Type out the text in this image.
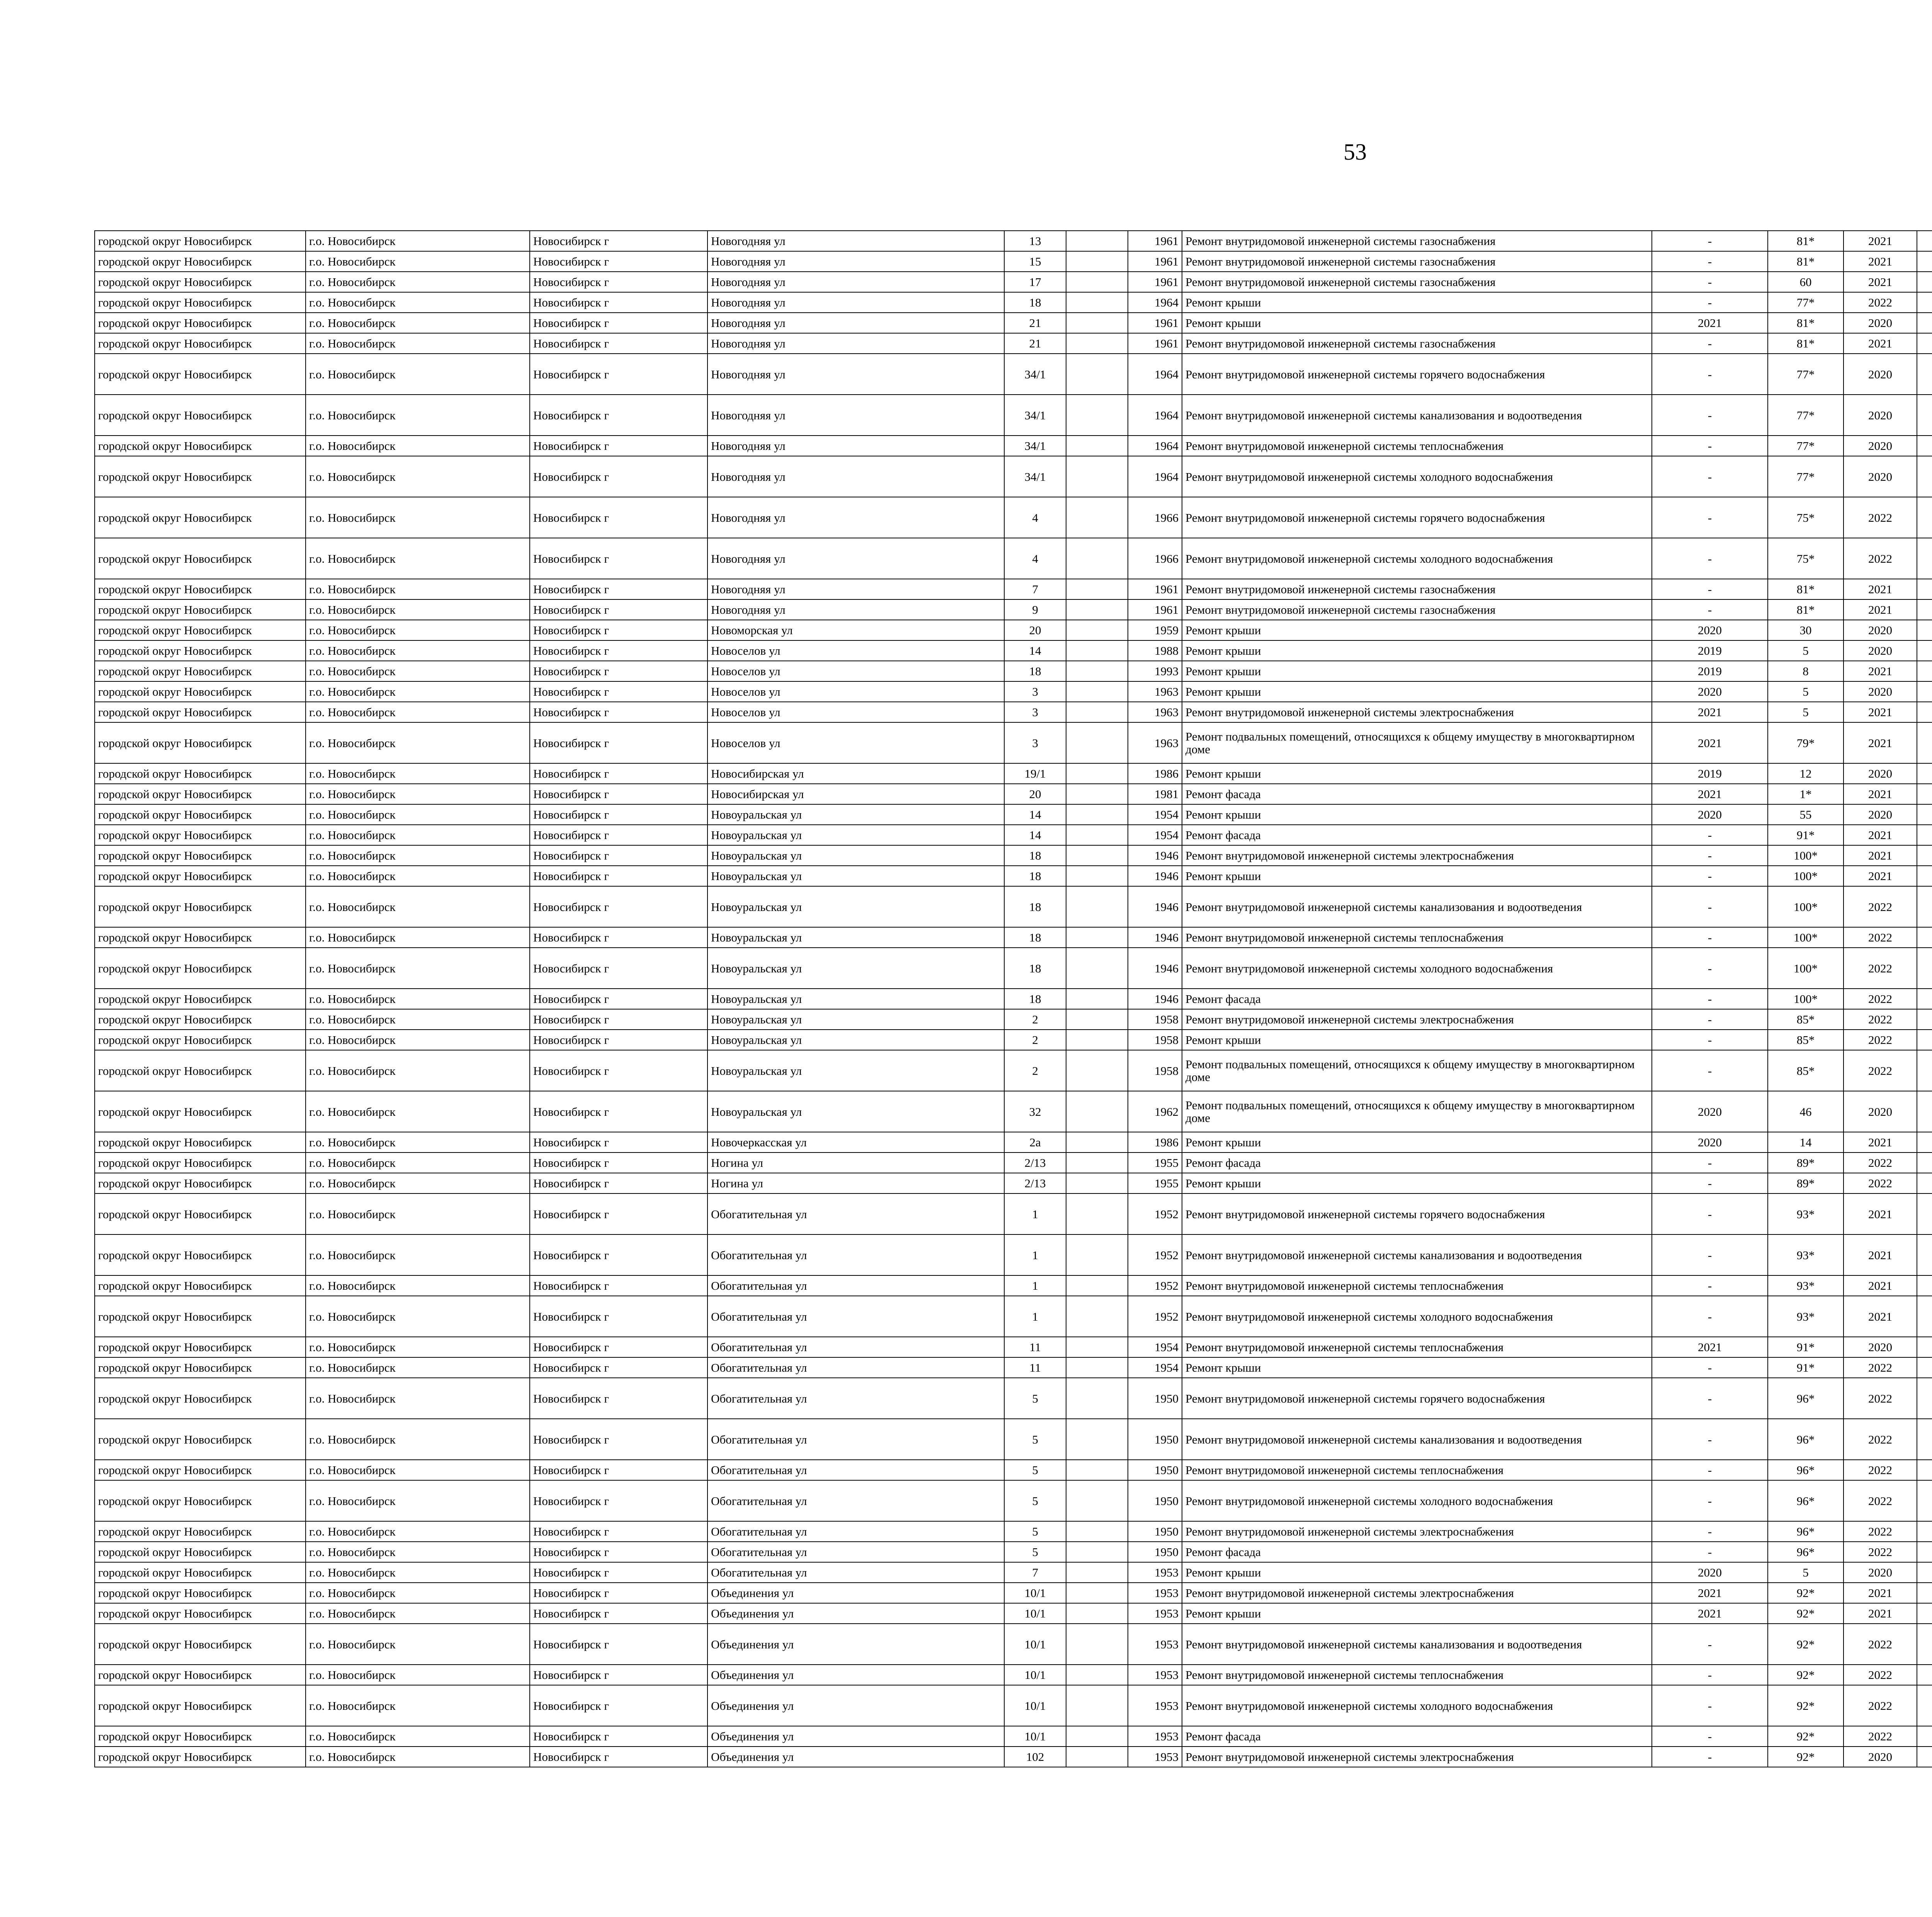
53
городской округ Новосибирск	г.о. Новосибирск	Новосибирск г	Новогодняя ул	13		1961	Ремонт внутридомовой инженерной системы газоснабжения	-	81*	2021						
городской округ Новосибирск	г.о. Новосибирск	Новосибирск г	Новогодняя ул	15		1961	Ремонт внутридомовой инженерной системы газоснабжения	-	81*	2021						
городской округ Новосибирск	г.о. Новосибирск	Новосибирск г	Новогодняя ул	17		1961	Ремонт внутридомовой инженерной системы газоснабжения	-	60	2021						
городской округ Новосибирск	г.о. Новосибирск	Новосибирск г	Новогодняя ул	18		1964	Ремонт крыши	-	77*	2022						
городской округ Новосибирск	г.о. Новосибирск	Новосибирск г	Новогодняя ул	21		1961	Ремонт крыши	2021	81*	2020						
городской округ Новосибирск	г.о. Новосибирск	Новосибирск г	Новогодняя ул	21		1961	Ремонт внутридомовой инженерной системы газоснабжения	-	81*	2021						
городской округ Новосибирск	г.о. Новосибирск	Новосибирск г	Новогодняя ул	34/1		1964	Ремонт внутридомовой инженерной системы горячего водоснабжения	-	77*	2020						
городской округ Новосибирск	г.о. Новосибирск	Новосибирск г	Новогодняя ул	34/1		1964	Ремонт внутридомовой инженерной системы канализования и водоотведения	-	77*	2020						
городской округ Новосибирск	г.о. Новосибирск	Новосибирск г	Новогодняя ул	34/1		1964	Ремонт внутридомовой инженерной системы теплоснабжения	-	77*	2020						
городской округ Новосибирск	г.о. Новосибирск	Новосибирск г	Новогодняя ул	34/1		1964	Ремонт внутридомовой инженерной системы холодного водоснабжения	-	77*	2020						
городской округ Новосибирск	г.о. Новосибирск	Новосибирск г	Новогодняя ул	4		1966	Ремонт внутридомовой инженерной системы горячего водоснабжения	-	75*	2022						
городской округ Новосибирск	г.о. Новосибирск	Новосибирск г	Новогодняя ул	4		1966	Ремонт внутридомовой инженерной системы холодного водоснабжения	-	75*	2022						
городской округ Новосибирск	г.о. Новосибирск	Новосибирск г	Новогодняя ул	7		1961	Ремонт внутридомовой инженерной системы газоснабжения	-	81*	2021						
городской округ Новосибирск	г.о. Новосибирск	Новосибирск г	Новогодняя ул	9		1961	Ремонт внутридомовой инженерной системы газоснабжения	-	81*	2021						
городской округ Новосибирск	г.о. Новосибирск	Новосибирск г	Новоморская ул	20		1959	Ремонт крыши	2020	30	2020						
городской округ Новосибирск	г.о. Новосибирск	Новосибирск г	Новоселов ул	14		1988	Ремонт крыши	2019	5	2020						
городской округ Новосибирск	г.о. Новосибирск	Новосибирск г	Новоселов ул	18		1993	Ремонт крыши	2019	8	2021						
городской округ Новосибирск	г.о. Новосибирск	Новосибирск г	Новоселов ул	3		1963	Ремонт крыши	2020	5	2020						
городской округ Новосибирск	г.о. Новосибирск	Новосибирск г	Новоселов ул	3		1963	Ремонт внутридомовой инженерной системы электроснабжения	2021	5	2021						
городской округ Новосибирск	г.о. Новосибирск	Новосибирск г	Новоселов ул	3		1963	Ремонт подвальных помещений, относящихся к общему имуществу в многоквартирном доме	2021	79*	2021						
городской округ Новосибирск	г.о. Новосибирск	Новосибирск г	Новосибирская ул	19/1		1986	Ремонт крыши	2019	12	2020						
городской округ Новосибирск	г.о. Новосибирск	Новосибирск г	Новосибирская ул	20		1981	Ремонт фасада	2021	1*	2021						
городской округ Новосибирск	г.о. Новосибирск	Новосибирск г	Новоуральская ул	14		1954	Ремонт крыши	2020	55	2020						
городской округ Новосибирск	г.о. Новосибирск	Новосибирск г	Новоуральская ул	14		1954	Ремонт фасада	-	91*	2021						
городской округ Новосибирск	г.о. Новосибирск	Новосибирск г	Новоуральская ул	18		1946	Ремонт внутридомовой инженерной системы электроснабжения	-	100*	2021						
городской округ Новосибирск	г.о. Новосибирск	Новосибирск г	Новоуральская ул	18		1946	Ремонт крыши	-	100*	2021						
городской округ Новосибирск	г.о. Новосибирск	Новосибирск г	Новоуральская ул	18		1946	Ремонт внутридомовой инженерной системы канализования и водоотведения	-	100*	2022						
городской округ Новосибирск	г.о. Новосибирск	Новосибирск г	Новоуральская ул	18		1946	Ремонт внутридомовой инженерной системы теплоснабжения	-	100*	2022						
городской округ Новосибирск	г.о. Новосибирск	Новосибирск г	Новоуральская ул	18		1946	Ремонт внутридомовой инженерной системы холодного водоснабжения	-	100*	2022						
городской округ Новосибирск	г.о. Новосибирск	Новосибирск г	Новоуральская ул	18		1946	Ремонт фасада	-	100*	2022						
городской округ Новосибирск	г.о. Новосибирск	Новосибирск г	Новоуральская ул	2		1958	Ремонт внутридомовой инженерной системы электроснабжения	-	85*	2022						
городской округ Новосибирск	г.о. Новосибирск	Новосибирск г	Новоуральская ул	2		1958	Ремонт крыши	-	85*	2022						
городской округ Новосибирск	г.о. Новосибирск	Новосибирск г	Новоуральская ул	2		1958	Ремонт подвальных помещений, относящихся к общему имуществу в многоквартирном доме	-	85*	2022						
городской округ Новосибирск	г.о. Новосибирск	Новосибирск г	Новоуральская ул	32		1962	Ремонт подвальных помещений, относящихся к общему имуществу в многоквартирном доме	2020	46	2020						
городской округ Новосибирск	г.о. Новосибирск	Новосибирск г	Новочеркасская ул	2а		1986	Ремонт крыши	2020	14	2021						
городской округ Новосибирск	г.о. Новосибирск	Новосибирск г	Ногина ул	2/13		1955	Ремонт фасада	-	89*	2022						
городской округ Новосибирск	г.о. Новосибирск	Новосибирск г	Ногина ул	2/13		1955	Ремонт крыши	-	89*	2022						
городской округ Новосибирск	г.о. Новосибирск	Новосибирск г	Обогатительная ул	1		1952	Ремонт внутридомовой инженерной системы горячего водоснабжения	-	93*	2021						
городской округ Новосибирск	г.о. Новосибирск	Новосибирск г	Обогатительная ул	1		1952	Ремонт внутридомовой инженерной системы канализования и водоотведения	-	93*	2021						
городской округ Новосибирск	г.о. Новосибирск	Новосибирск г	Обогатительная ул	1		1952	Ремонт внутридомовой инженерной системы теплоснабжения	-	93*	2021						
городской округ Новосибирск	г.о. Новосибирск	Новосибирск г	Обогатительная ул	1		1952	Ремонт внутридомовой инженерной системы холодного водоснабжения	-	93*	2021						
городской округ Новосибирск	г.о. Новосибирск	Новосибирск г	Обогатительная ул	11		1954	Ремонт внутридомовой инженерной системы теплоснабжения	2021	91*	2020						
городской округ Новосибирск	г.о. Новосибирск	Новосибирск г	Обогатительная ул	11		1954	Ремонт крыши	-	91*	2022						
городской округ Новосибирск	г.о. Новосибирск	Новосибирск г	Обогатительная ул	5		1950	Ремонт внутридомовой инженерной системы горячего водоснабжения	-	96*	2022						
городской округ Новосибирск	г.о. Новосибирск	Новосибирск г	Обогатительная ул	5		1950	Ремонт внутридомовой инженерной системы канализования и водоотведения	-	96*	2022						
городской округ Новосибирск	г.о. Новосибирск	Новосибирск г	Обогатительная ул	5		1950	Ремонт внутридомовой инженерной системы теплоснабжения	-	96*	2022						
городской округ Новосибирск	г.о. Новосибирск	Новосибирск г	Обогатительная ул	5		1950	Ремонт внутридомовой инженерной системы холодного водоснабжения	-	96*	2022						
городской округ Новосибирск	г.о. Новосибирск	Новосибирск г	Обогатительная ул	5		1950	Ремонт внутридомовой инженерной системы электроснабжения	-	96*	2022						
городской округ Новосибирск	г.о. Новосибирск	Новосибирск г	Обогатительная ул	5		1950	Ремонт фасада	-	96*	2022						
городской округ Новосибирск	г.о. Новосибирск	Новосибирск г	Обогатительная ул	7		1953	Ремонт крыши	2020	5	2020						
городской округ Новосибирск	г.о. Новосибирск	Новосибирск г	Объединения ул	10/1		1953	Ремонт внутридомовой инженерной системы электроснабжения	2021	92*	2021						
городской округ Новосибирск	г.о. Новосибирск	Новосибирск г	Объединения ул	10/1		1953	Ремонт крыши	2021	92*	2021						
городской округ Новосибирск	г.о. Новосибирск	Новосибирск г	Объединения ул	10/1		1953	Ремонт внутридомовой инженерной системы канализования и водоотведения	-	92*	2022						
городской округ Новосибирск	г.о. Новосибирск	Новосибирск г	Объединения ул	10/1		1953	Ремонт внутридомовой инженерной системы теплоснабжения	-	92*	2022						
городской округ Новосибирск	г.о. Новосибирск	Новосибирск г	Объединения ул	10/1		1953	Ремонт внутридомовой инженерной системы холодного водоснабжения	-	92*	2022						
городской округ Новосибирск	г.о. Новосибирск	Новосибирск г	Объединения ул	10/1		1953	Ремонт фасада	-	92*	2022						
городской округ Новосибирск	г.о. Новосибирск	Новосибирск г	Объединения ул	102		1953	Ремонт внутридомовой инженерной системы электроснабжения	-	92*	2020						
